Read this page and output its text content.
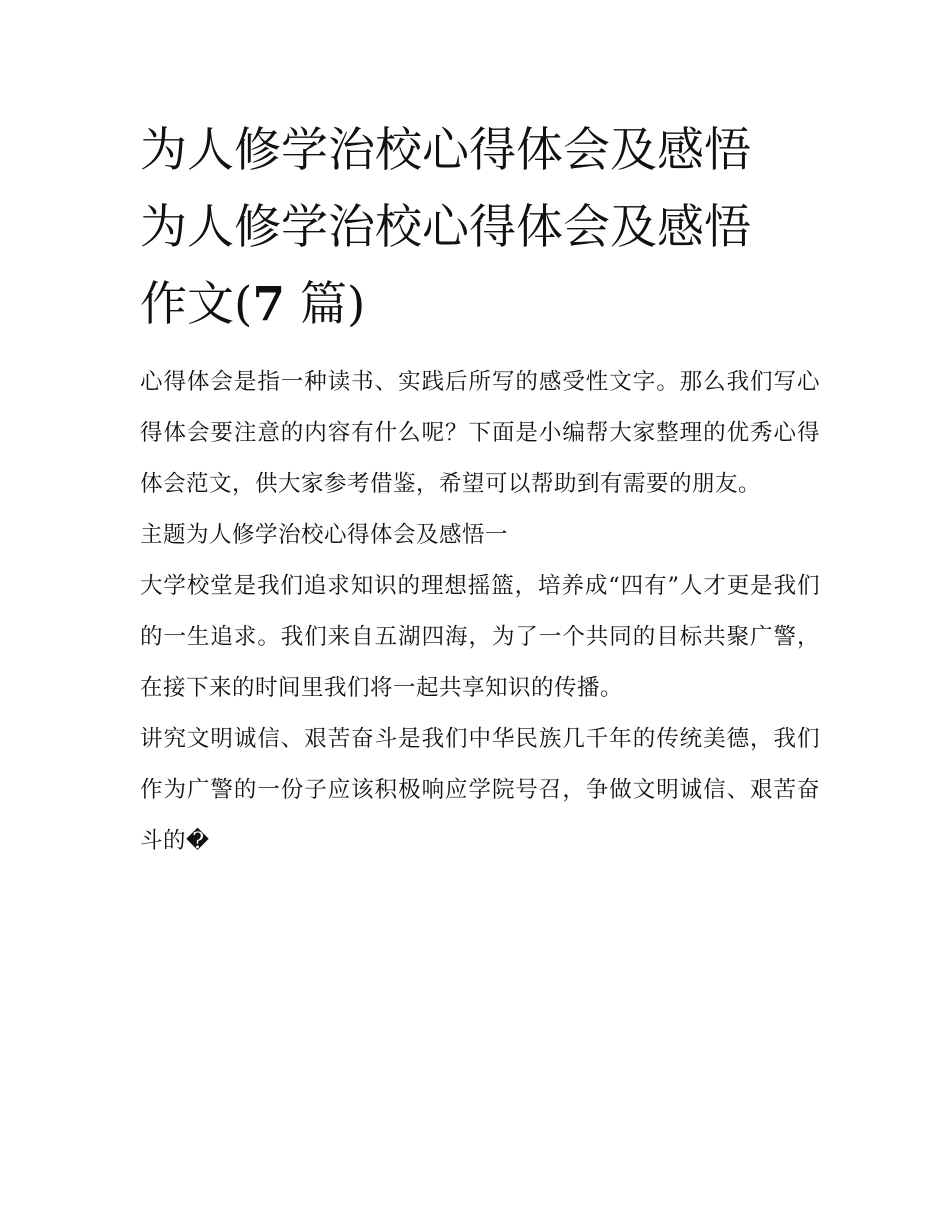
为人修学治校心得体会及感悟
为人修学治校心得体会及感悟
作文(7 篇)

心得体会是指一种读书、实践后所写的感受性文字。那么我们写心得体会要注意的内容有什么呢？下面是小编帮大家整理的优秀心得体会范文，供大家参考借鉴，希望可以帮助到有需要的朋友。

主题为人修学治校心得体会及感悟一

大学校堂是我们追求知识的理想摇篮，培养成“四有”人才更是我们的一生追求。我们来自五湖四海，为了一个共同的目标共聚广警，在接下来的时间里我们将一起共享知识的传播。

讲究文明诚信、艰苦奋斗是我们中华民族几千年的传统美德，我们作为广警的一份子应该积极响应学院号召，争做文明诚信、艰苦奋斗的�
